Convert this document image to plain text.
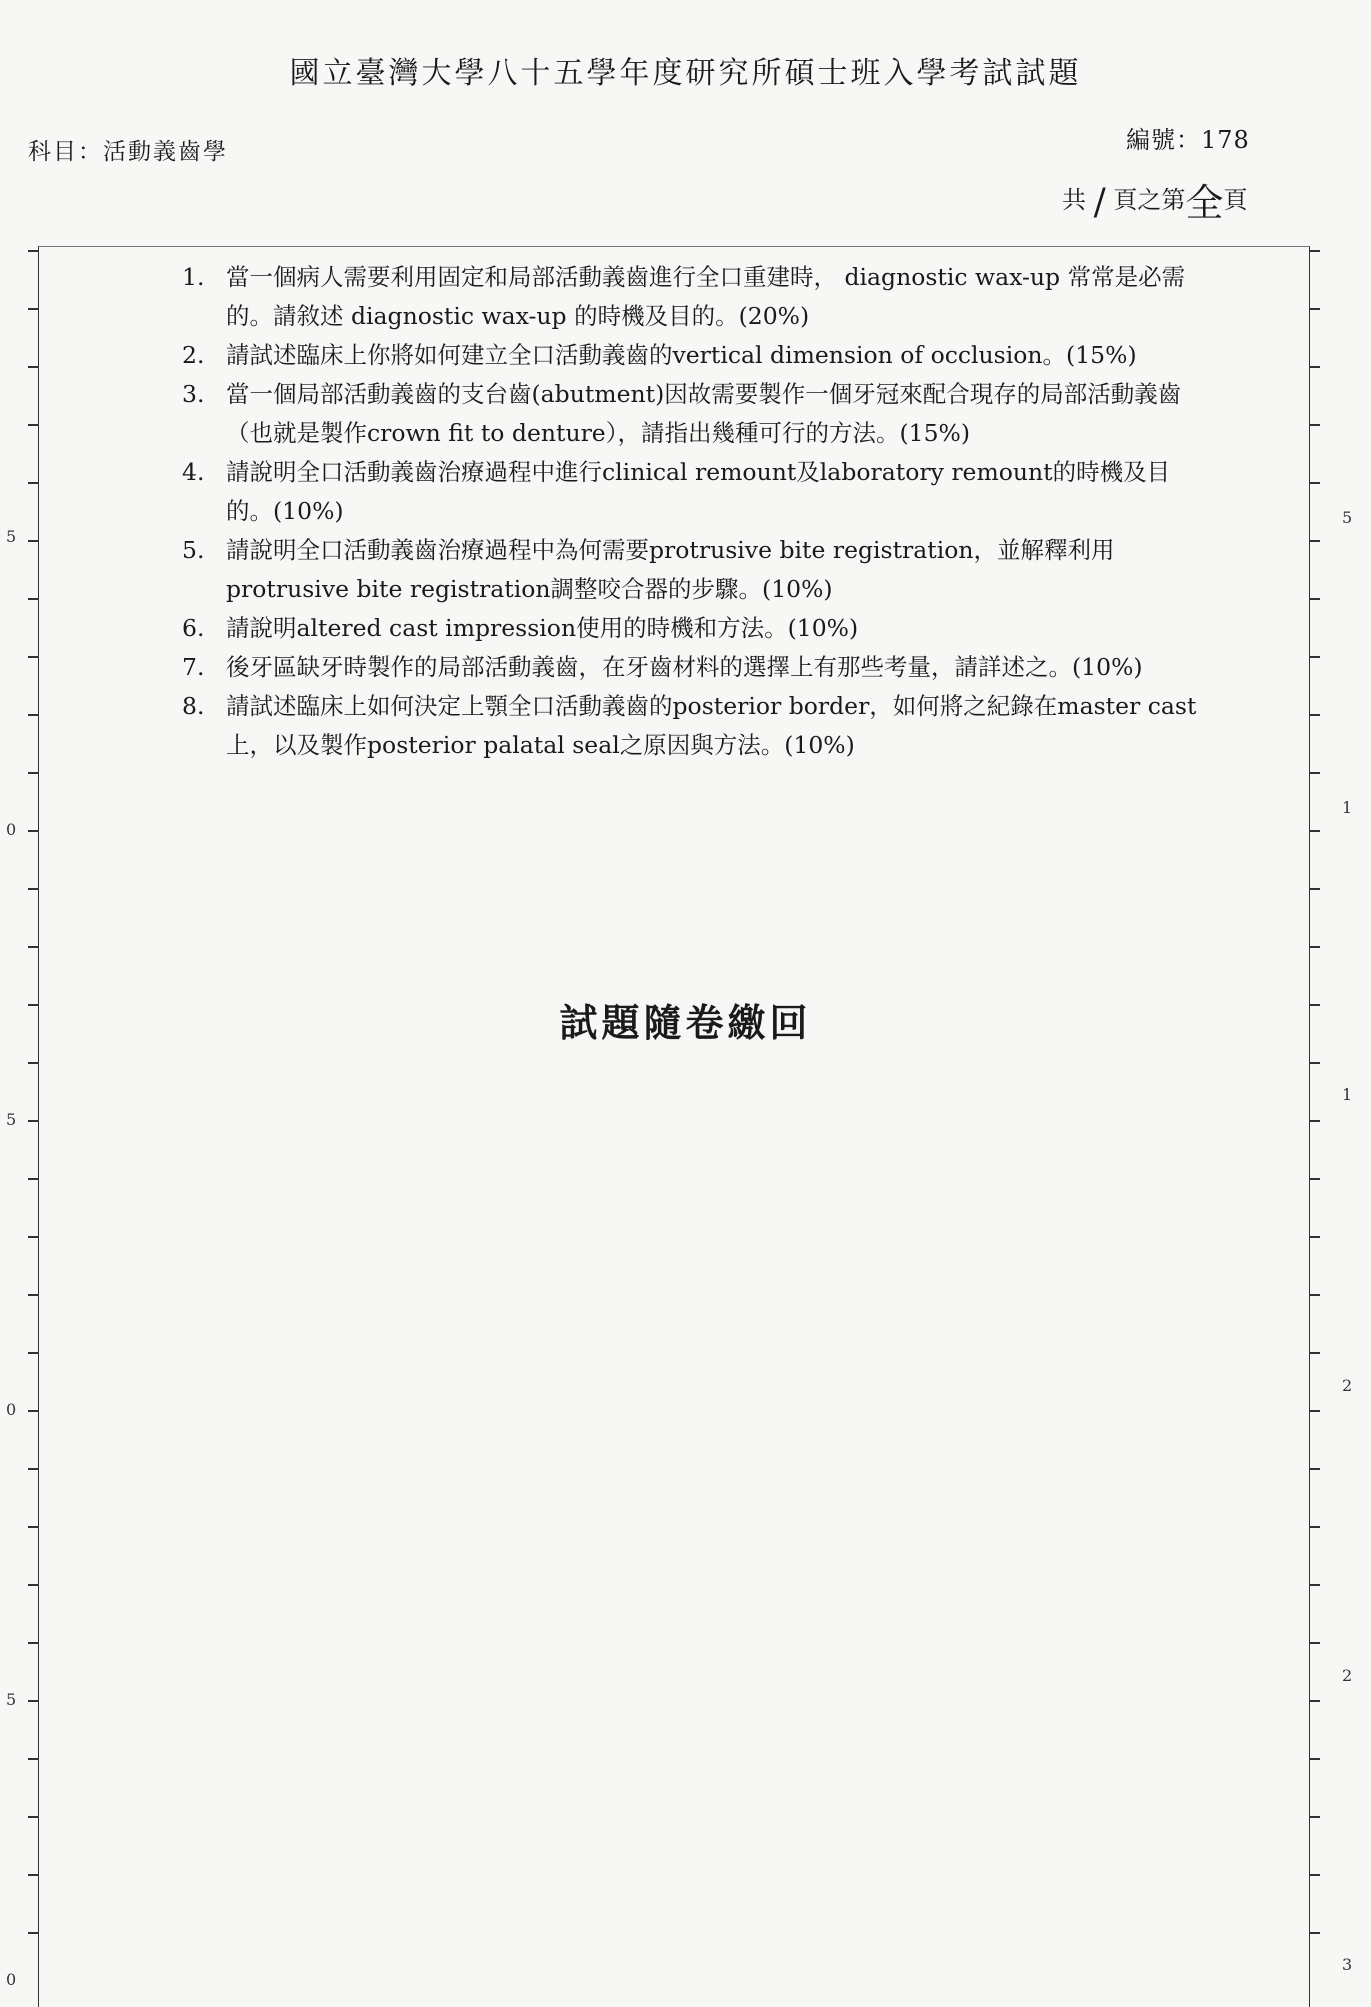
國立臺灣大學八十五學年度研究所碩士班入學考試試題
科目：活動義齒學	編號：178
共 / 頁之第全頁
1. 當一個病人需要利用固定和局部活動義齒進行全口重建時， diagnostic wax-up 常常是必需的。請敘述 diagnostic wax-up 的時機及目的。(20%)
2. 請試述臨床上你將如何建立全口活動義齒的vertical dimension of occlusion。(15%)
3. 當一個局部活動義齒的支台齒(abutment)因故需要製作一個牙冠來配合現存的局部活動義齒（也就是製作crown fit to denture），請指出幾種可行的方法。(15%)
4. 請說明全口活動義齒治療過程中進行clinical remount及laboratory remount的時機及目的。(10%)
5. 請說明全口活動義齒治療過程中為何需要protrusive bite registration，並解釋利用protrusive bite registration調整咬合器的步驟。(10%)
6. 請說明altered cast impression使用的時機和方法。(10%)
7. 後牙區缺牙時製作的局部活動義齒，在牙齒材料的選擇上有那些考量，請詳述之。(10%)
8. 請試述臨床上如何決定上顎全口活動義齒的posterior border，如何將之紀錄在master cast上，以及製作posterior palatal seal之原因與方法。(10%)
試題隨卷繳回
5
0
5
0
5
0
5
1
1
2
2
3
